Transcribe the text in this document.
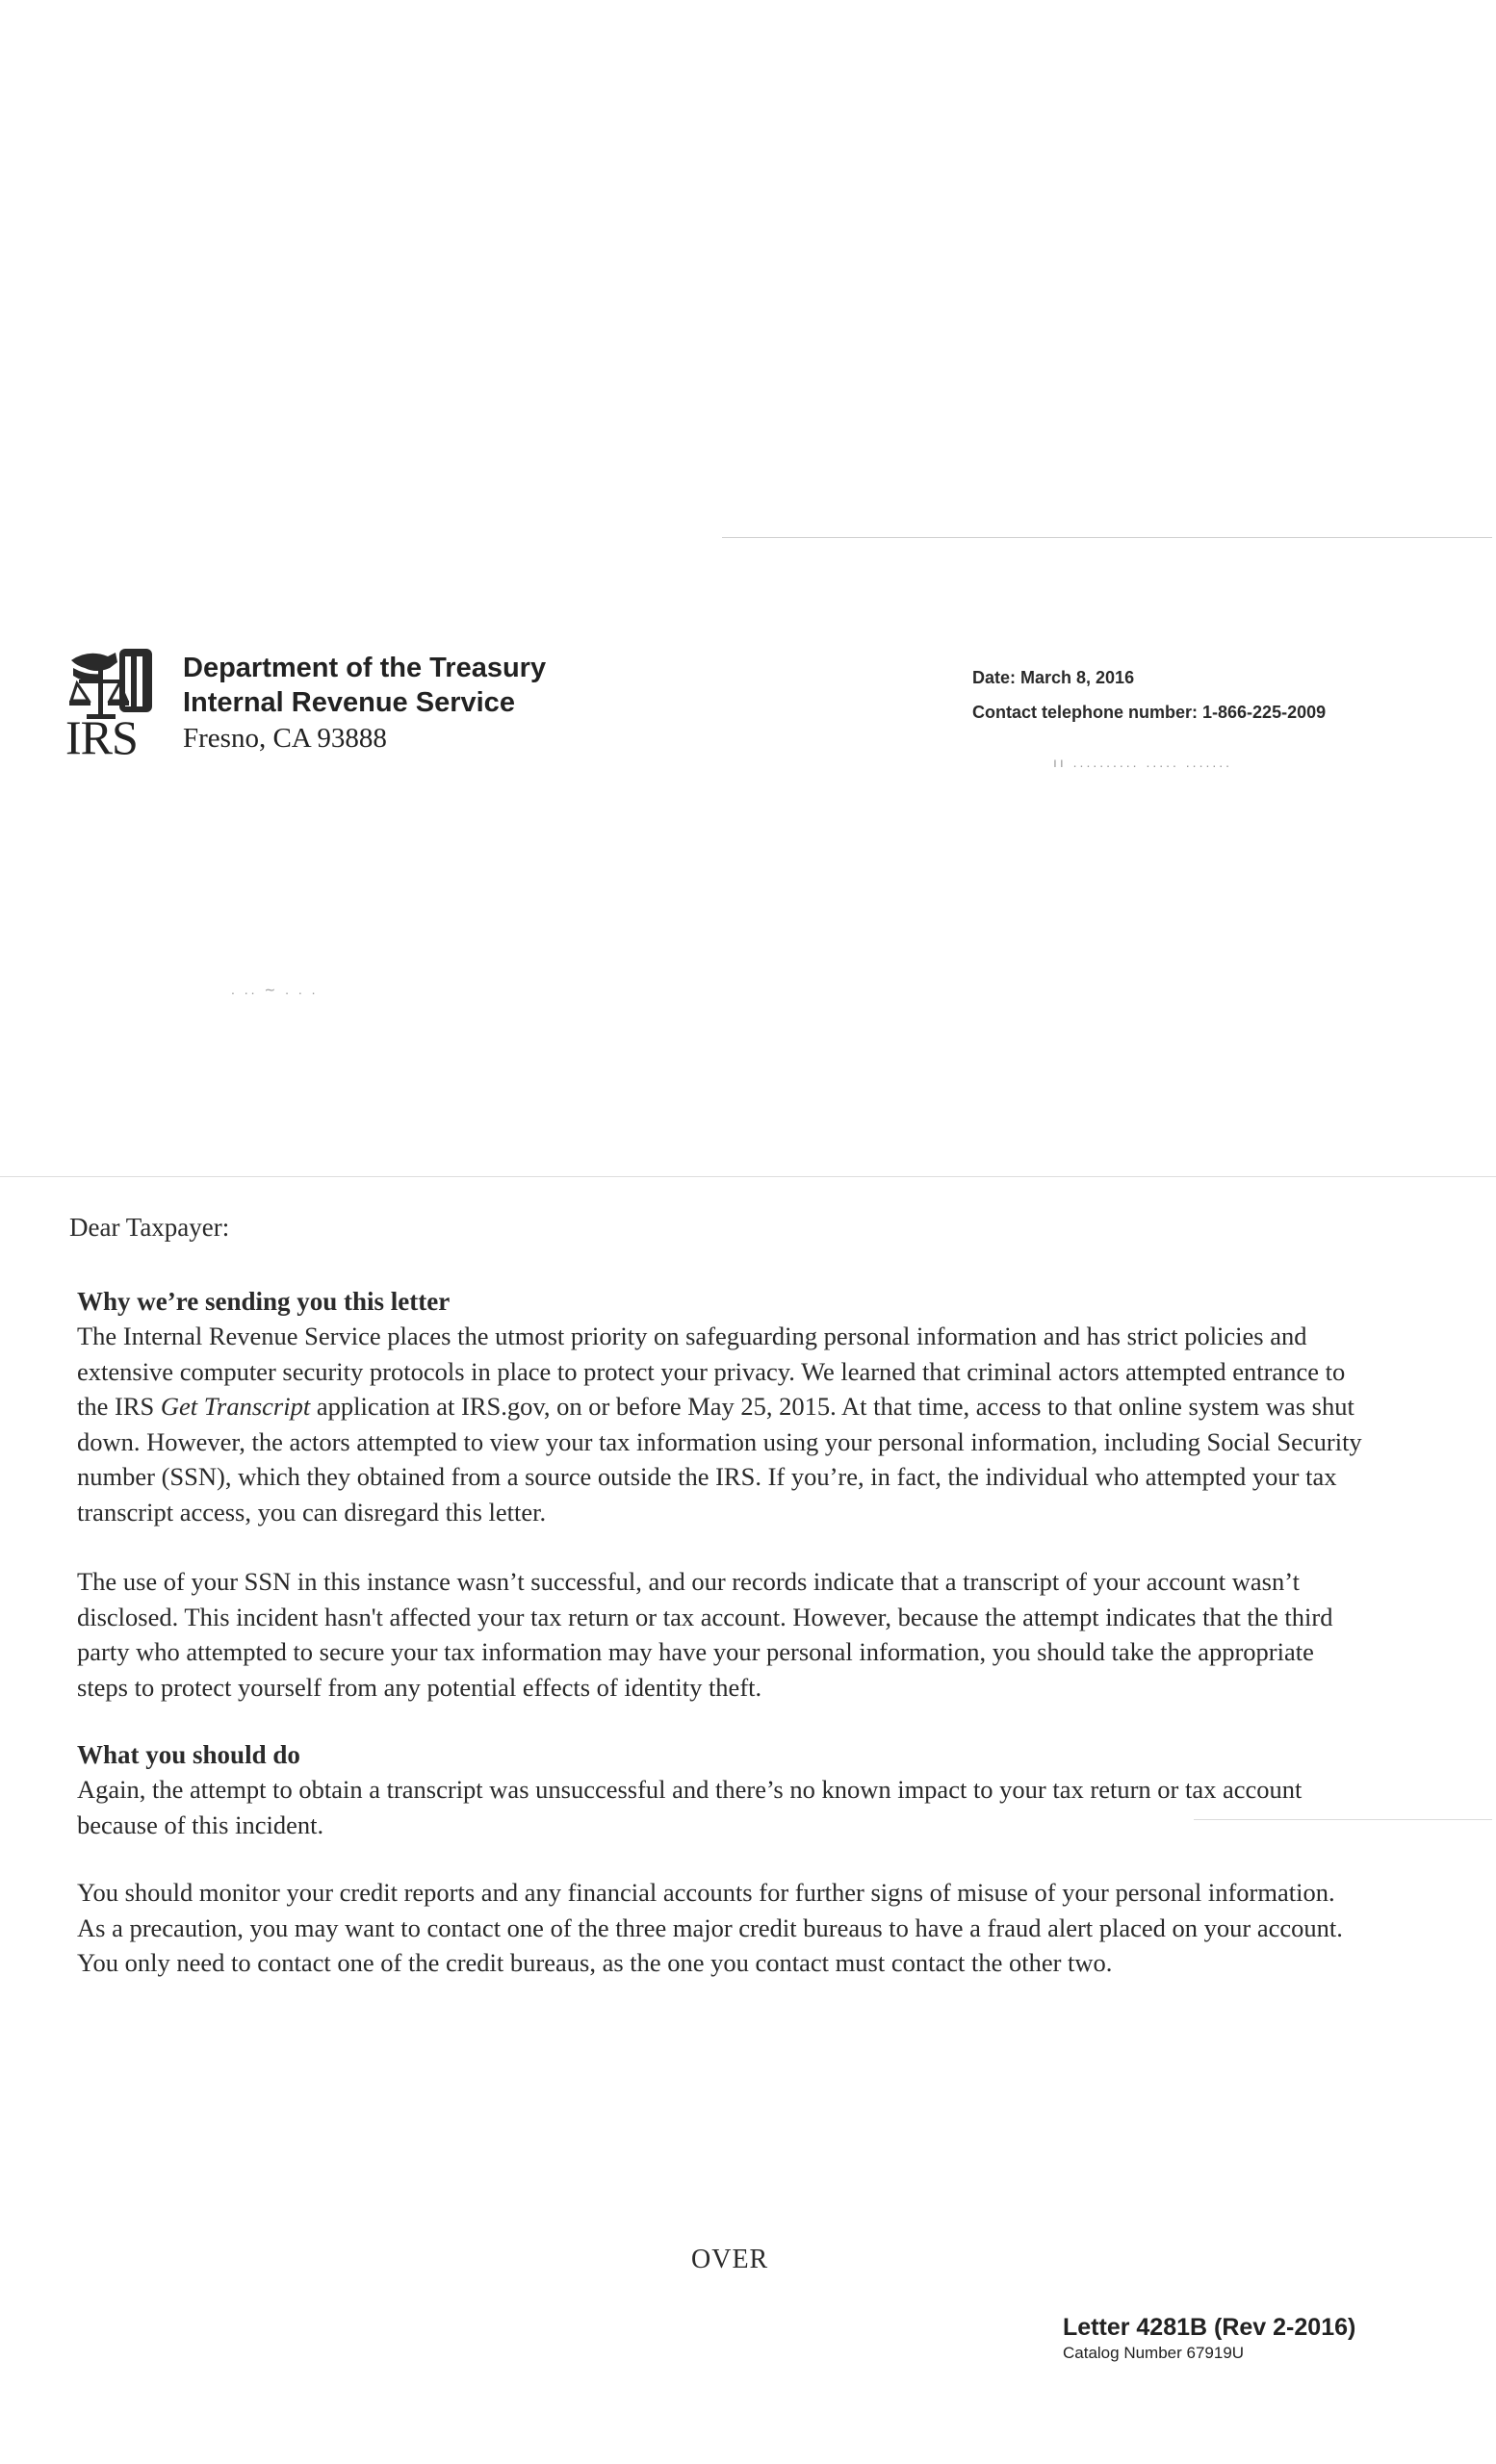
ıı .......... ..... .......
. .. ∼ . . .
IRS
Department of the Treasury
Internal Revenue Service
Fresno, CA 93888
Date: March 8, 2016
Contact telephone number: 1-866-225-2009
Dear Taxpayer:
Why we’re sending you this letter

The Internal Revenue Service places the utmost priority on safeguarding personal information and has strict policies and extensive computer security protocols in place to protect your privacy. We learned that criminal actors attempted entrance to the IRS Get Transcript application at IRS.gov, on or before May 25, 2015. At that time, access to that online system was shut down. However, the actors attempted to view your tax information using your personal information, including Social Security number (SSN), which they obtained from a source outside the IRS. If you’re, in fact, the individual who attempted your tax transcript access, you can disregard this letter.

The use of your SSN in this instance wasn’t successful, and our records indicate that a transcript of your account wasn’t disclosed. This incident hasn't affected your tax return or tax account. However, because the attempt indicates that the third party who attempted to secure your tax information may have your personal information, you should take the appropriate steps to protect yourself from any potential effects of identity theft.

What you should do

Again, the attempt to obtain a transcript was unsuccessful and there’s no known impact to your tax return or tax account because of this incident.

You should monitor your credit reports and any financial accounts for further signs of misuse of your personal information. As a precaution, you may want to contact one of the three major credit bureaus to have a fraud alert placed on your account. You only need to contact one of the credit bureaus, as the one you contact must contact the other two.

OVER
Letter 4281B (Rev 2-2016)
Catalog Number 67919U
